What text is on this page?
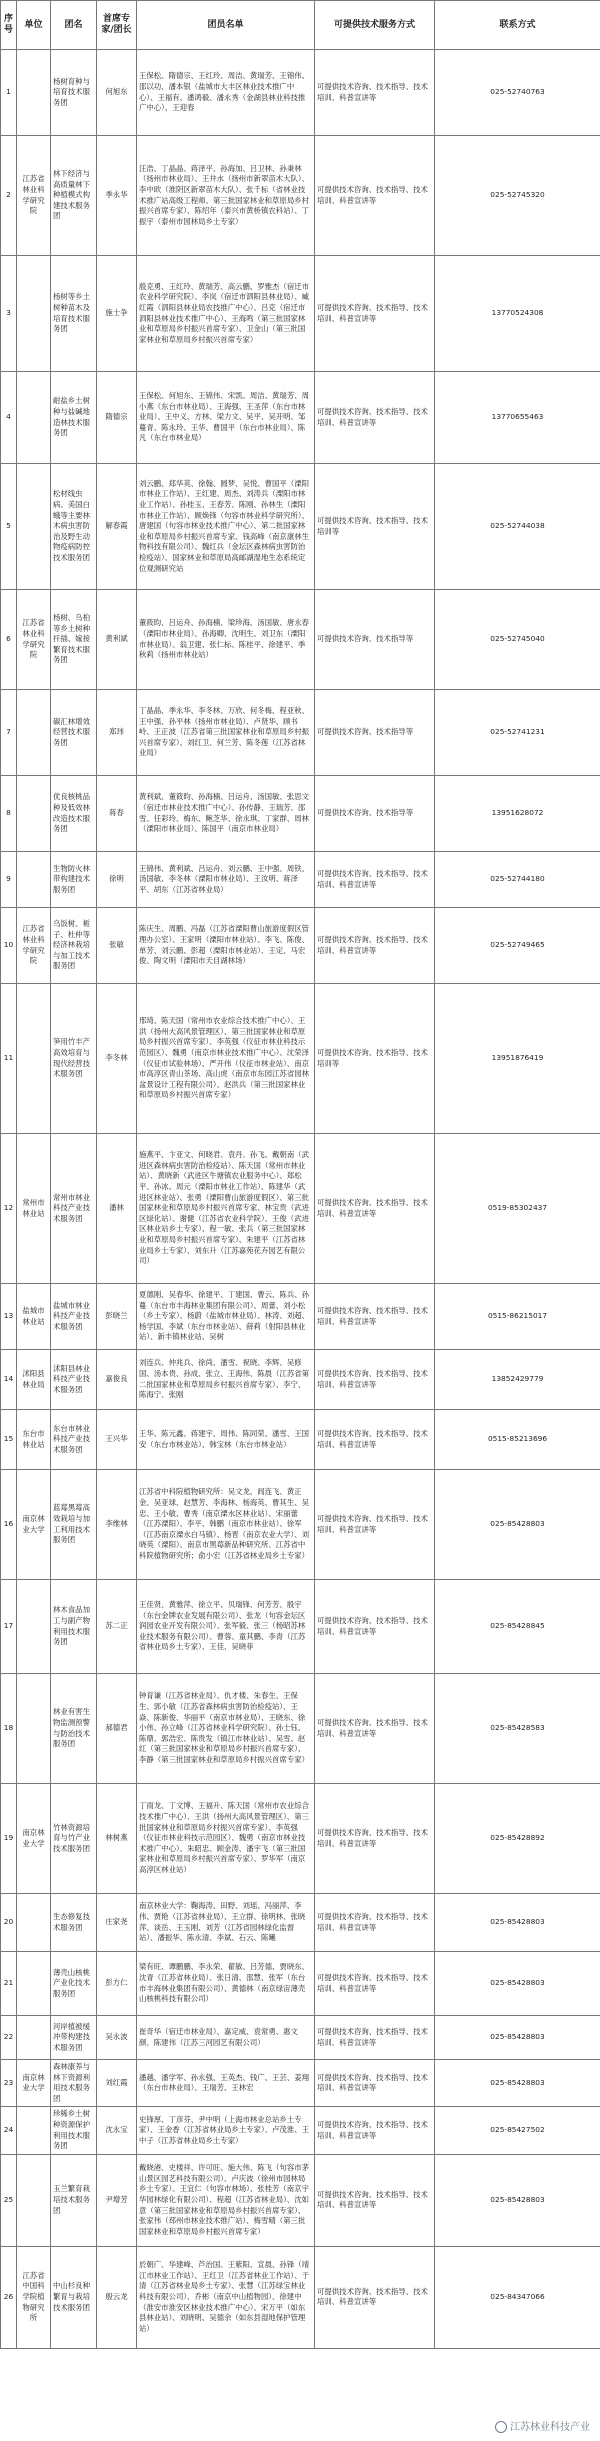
序号	单位	团名	首席专家/团长	团员名单	可提供技术服务方式	联系方式
1		杨树育种与培育技术服务团	何旭东	王保松、隋德宗、王红玲、周洁、黄瑞芳、王锦伟、邵以功、潘本银（盐城市大丰区林业技术推广中心）、王福有、潘鸿毅、潘永秀（金湖县林业科技推广中心）、王迎春	可提供技术咨询、技术指导、技术培训、科普宣讲等	025-52740763
2	江苏省林业科学研究院	林下经济与高质量林下种植模式构建技术服务团	季永华	汪浩、丁晶晶、蒋泽平、孙海加、吕卫林、孙秉林（扬州市林业局）、王井水（扬州市新翠苗木大队）、李中欧（淮阴区新翠苗木大队）、张千标（省林业技术推广站高级工程师、第三批国家林业和草原局乡村振兴首席专家）、陈绍年（泰兴市黄桥镇农科站）、丁振宇（泰州市园林局乡土专家）	可提供技术咨询、技术指导、技术培训、科普宣讲等	025-52745320
3		杨树等乡土树种苗木及培育技术服务团	施士争	殷克勇、王红玲、黄瑞芳、高云鹏、罗雅杰（宿迁市农业科学研究院）、李岚（宿迁市泗阳县林业局）、臧红霞（泗阳县林业局农技推广中心）、吕克（宿迁市泗阳县林业技术推广中心）、王海鸣（第三批国家林业和草原局乡村振兴首席专家）、卫金山（第三批国家林业和草原局乡村振兴首席专家）	可提供技术咨询、技术指导、技术培训、科普宣讲等	13770524308
4		耐盐乡土树种与盐碱地造林技术服务团	隋德宗	王保松、何旭东、王锦伟、宋凯、周洁、黄瑞芳、周小燕（东台市林业局）、王海强、王圣萍（东台市林业局）、王中义、方林、梁力文、吴平、吴开明、邹蔓青、陈永玲、王华、曹国平（东台市林业局）、陈凡（东台市林业局）	可提供技术咨询、技术指导、技术培训、科普宣讲等	13770655463
5		松材线虫病、美国白蛾等主要林木病虫害防治及野生动物疫病防控技术服务团	解春霞	刘云鹏、郑华英、徐翰、圆梦、吴悦、曹国平（溧阳市林业工作站）、王红建、周杰、刘涛兵（溧阳市林业工作站）、孙桂玉、王春芳、陈刚、孙林生（溧阳市林业工作站）、顾焕锋（句容市林业科学研究所）、唐建国（句容市林业技术推广中心）、第二批国家林业和草原局乡村振兴首席专家、钱高峰（南京康林生物科技有限公司）、魏红兵（金坛区森林病虫害防治检疫站）、国家林业和草原局高邮湖湿地生态系统定位观测研究站	可提供技术咨询、技术指导、技术培训等	025-52744038
6	江苏省林业科学研究院	杨树、乌桕等乡土树种扦插、嫁接繁育技术服务团	黄利斌	董筱昀、吕运舟、孙海楠、梁珍海、汤国敏、唐永春（溧阳市林业局）、孙海卿、沈明生、刘卫东（溧阳市林业局）、翁卫建、张仁标、陈桂平、徐建平、季秋莉（扬州市林业站）	可提供技术咨询、技术指导等	025-52745040
7		碳汇林增效经营技术服务团	郑玮	丁晶晶、季永华、李冬林、万欣、何冬梅、程亚秋、王中强、孙平林（扬州市林业局）、卢贤华、顾书岭、王正波（江苏省第三批国家林业和草原局乡村振兴首席专家）、刘红卫、何兰芳、陈冬莲（江苏省林业局）	可提供技术咨询、技术指导等	025-52741231
8		优良核桃品种及低效林改造技术服务团	蒋春	黄利斌、董筱昀、孙海楠、吕运舟、汤国敏、张思文（宿迁市林业技术推广中心）、孙传静、王瑞芳、邵雪、任彩玲、梅东、鲍芝华、徐永琪、丁家群、周林（溧阳市林业局）、陈国平（南京市林业局）	可提供技术咨询、技术指导等	13951628072
9		生物防火林带构建技术服务团	徐明	王锦伟、黄利斌、吕运舟、刘云鹏、王中强、周铁、汤国敏、李冬林（溧阳市林业局）、王汝明、蒋泽平、胡东（江苏省林业局）	可提供技术咨询、技术指导、技术培训、科普宣讲等	025-52744180
10	江苏省林业科学研究院	乌饭树、栀子、杜仲等经济林栽培与加工技术服务团	张敏	陈庆生、周鹏、冯磊（江苏省溧阳曹山旅游度假区管理办公室）、王家明（溧阳市林业站）、李飞、陈俊、单芳、刘云鹏、彭超（溧阳市林业站）、王定、马宏俊、陶文明（溧阳市天目湖林场）	可提供技术咨询、技术指导、技术培训、科普宣讲等	025-52749465
11		笋用竹丰产高效培育与现代经营技术服务团	李冬林	邢琦、陈天国（常州市农业综合技术推广中心）、王洪（扬州大高风景管理区）、第三批国家林业和草原局乡村振兴首席专家）、李英强（仪征市林业科技示范园区）、魏勇（南京市林业技术推广中心）、沈荣泽（仪征市试验林场）、严开伟（仪征市林业站）、南京市高淳区青山茶场、高山虎（南京市东园江苏省园林盆景设计工程有限公司）、赵洪兵（第三批国家林业和草原局乡村振兴首席专家）	可提供技术咨询、技术指导、技术培训等	13951876419
12	常州市林业站	常州市林业科技产业技术服务团	潘林	施燕平、卞亚文、何晓君、袁丹、孙飞、戴朝南（武进区森林病虫害防治检疫站）、陈天国（常州市林业站）、黄晓新（武进区牛塘镇农业服务中心）、郑松平、孙冰、周元（溧阳市林业工作站）、陈建华（武进区林业站）、张勇（溧阳曹山旅游度假区）、第三批国家林业和草原局乡村振兴首席专家、林宝贵（武进区绿化站）、谢健（江苏省农业科学院）、王俊（武进区林业站乡土专家）、程一敏、张兵（第三批国家林业和草原局乡村振兴首席专家）、朱建平（江苏省林业局乡土专家）、刘东升（江苏嘉苑花卉园艺有限公司）	可提供技术咨询、技术指导、技术培训、科普宣讲等	0519-85302437
13	盐城市林业站	盐城市林业科技产业技术服务团	彭晓兰	夏德刚、吴春华、徐建平、丁建国、曹云、陈兵、孙蔓（东台市丰海林业集团有限公司）、周蕾、刘小松（乡土专家）、杨蔚（盐城市林业局）、林涛、刘超、杨学国、李斌（东台市林业站）、薛莉（射阳县林业站）、新丰镇林业站、吴树	可提供技术咨询、技术指导、技术培训、科普宣讲等	0515-86215017
14	沭阳县林业局	沭阳县林业科技产业技术服务团	嘉俊良	刘连兵、仲兆兵、徐尚、潘雪、祝晓、李辉、吴修国、汤本贵、孙成、张立、王海伟、陈晨（江苏省第二批国家林业和草原局乡村振兴首席专家）、李宁、陈海宁、张刚	可提供技术咨询、技术指导、技术培训、科普宣讲等	13852429779
15	东台市林业站	东台市林业科技产业技术服务团	王兴华	王华、陈元鑫、蒋建宇、周伟、陈同荣、潘雪、王国安（东台市林业站）、韩宝林（东台市林业站）	可提供技术咨询、技术指导、技术培训、科普宣讲等	0515-85213696
16	南京林业大学	蓝莓黑莓高效栽培与加工利用技术服务团	李维林	江苏省中科院植物研究所：吴文龙、闾连飞、黄正金、吴亚球、赵慧芳、李海林、杨海英、曹其生、吴忠、王小敏、曹秀（南京溧水区林业站）、宋丽蕾（江苏溧阳）、李平、韩鹏（南京市林业站）、徐军（江苏南京溧水白马镇）、杨晋（南京农业大学）、刘晓英（溧阳）、南京市黑莓新品种研究所、江苏省中科院植物研究所；俞小宏（江苏省林业局乡土专家）	可提供技术咨询、技术指导、技术培训、科普宣讲等	025-85428803
17		林木食品加工与副产物利用技术服务团	苏二正	王佳贤、黄雅萍、徐立平、贝瑞锋、何芳芳、殷宇（东台金牌农业发展有限公司）、张龙（句容金坛区润园农业开发有限公司）、张军毅、张三（杨昭苏林业技术服务有限公司）、曹蓉、童其鹏、李青（江苏省林业局乡土专家）、王佳、吴晓菲	可提供技术咨询、技术指导、技术培训、科普宣讲等	025-85428845
18		林业有害生物监测预警与防治技术服务团	郝德君	钟育谦（江苏省林业局）、仇才楼、朱春生、王保生、郭小敏（江苏省森林病虫害防治检疫站）、王焱、陈新俊、华丽平（南京市林业局）、王晓东、徐小伟、孙立峰（江苏省林业科学研究院）、孙士钰、陈鼎、郭浩宏、陈贵发（镇江市林业站）、吴雪、赵红（第三批国家林业和草原局乡村振兴首席专家）、李静（第三批国家林业和草原局乡村振兴首席专家）	可提供技术咨询、技术指导、技术培训、科普宣讲等	025-85428583
19	南京林业大学	竹林资源培育与竹产业技术服务团	林树燕	丁雨龙、丁文博、王福升、陈天国（常州市农业综合技术推广中心）、王洪（扬州大高风景管理区）、第三批国家林业和草原局乡村振兴首席专家）、李英强（仪征市林业科技示范园区）、魏勇（南京市林业技术推广中心）、朱昭忠、顾金涛、潘宇飞（第三批国家林业和草原局乡村振兴首席专家）、罗华军（南京高淳区林业站）	可提供技术咨询、技术指导、技术培训、科普宣讲等	025-85428892
20		生态修复技术服务团	庄家尧	南京林业大学：鞠海涛、田野、刘瑶、冯丽萍、李伟、贾艳（江苏省林业局）、王立群、徐明林、张晓萍、谈岳、王玉刚、刘芳（江苏省园林绿化监督站）、潘振华、陈永清、李斌、石云、陈曦	可提供技术咨询、技术指导、技术培训、科普宣讲等	025-85428803
21		薄壳山核桃产业化技术服务团	彭方仁	梁有旺、谭鹏鹏、李永荣、翟敏、吕芳德、贾晓东、沈青（江苏省林业局）、张日清、邵慧、张军（东台市丰海林业集团有限公司）、黄德林（南京绿宙薄壳山核桃科技有限公司）	可提供技术咨询、技术指导、技术培训、科普宣讲等	025-85428803
22		河岸植被缓冲带构建技术服务团	吴永波	崔奇华（宿迁市林业局）、嘉定威、袁常勇、惠文颜、陈建伟（江苏三河园艺有限公司）	可提供技术咨询、技术指导、技术培训、科普宣讲等	025-85428803
23	南京林业大学	森林康养与林下资源利用技术服务团	刘红霞	潘越、潘学军、孙永强、王英杰、钱广、王芸、姜翔（东台市林业局）、王瑞芳、王林宏	可提供技术咨询、技术指导、技术培训、科普宣讲等	025-85428803
24		珍稀乡土树种资源保护利用技术服务团	沈永宝	史锋厚、丁彦芬、尹中明（上海市林业总站乡土专家）、王金香（江苏省林业局乡土专家）、卢茂淮、王中子（江苏省林业局乡土专家）	可提供技术咨询、技术指导、技术培训、科普宣讲等	025-85427502
25		玉兰繁育栽培技术服务团	尹增芳	戴晓港、史楼祥、许可旺、施大伟、陈飞（句容市茅山景区园艺科技有限公司）、卢庆波（徐州市园林局乡土专家）、王宜仁（句容市林场）、张桂芳（南京宇华园林绿化有限公司）、程超（江苏省林业局）、沈如意（第三批国家林业和草原局乡村振兴首席专家）、张家伟（邳州市林业技术推广站）、梅雪晴（第三批国家林业和草原局乡村振兴首席专家）	可提供技术咨询、技术指导、技术培训、科普宣讲等	025-85428803
26	江苏省中国科学院植物研究所	中山杉良种繁育与栽培技术服务团	殷云龙	於朝广、华建峰、芦治国、王紫阳、宣晨、孙锋（靖江市林业工作站）、王红卫（江苏省林业工作站）、于清（江苏省林业局乡土专家）、张慧（江苏绿宝林业科技有限公司）、乔彬（南京中山植物园）、徐建中（淮安市淮安区林业技术推广中心）、宋万平（如东县林业站）、刘晓明、吴德余（如东县湿地保护管理站）	可提供技术咨询、技术指导、技术培训、科普宣讲等	025-84347066
江苏林业科技产业
